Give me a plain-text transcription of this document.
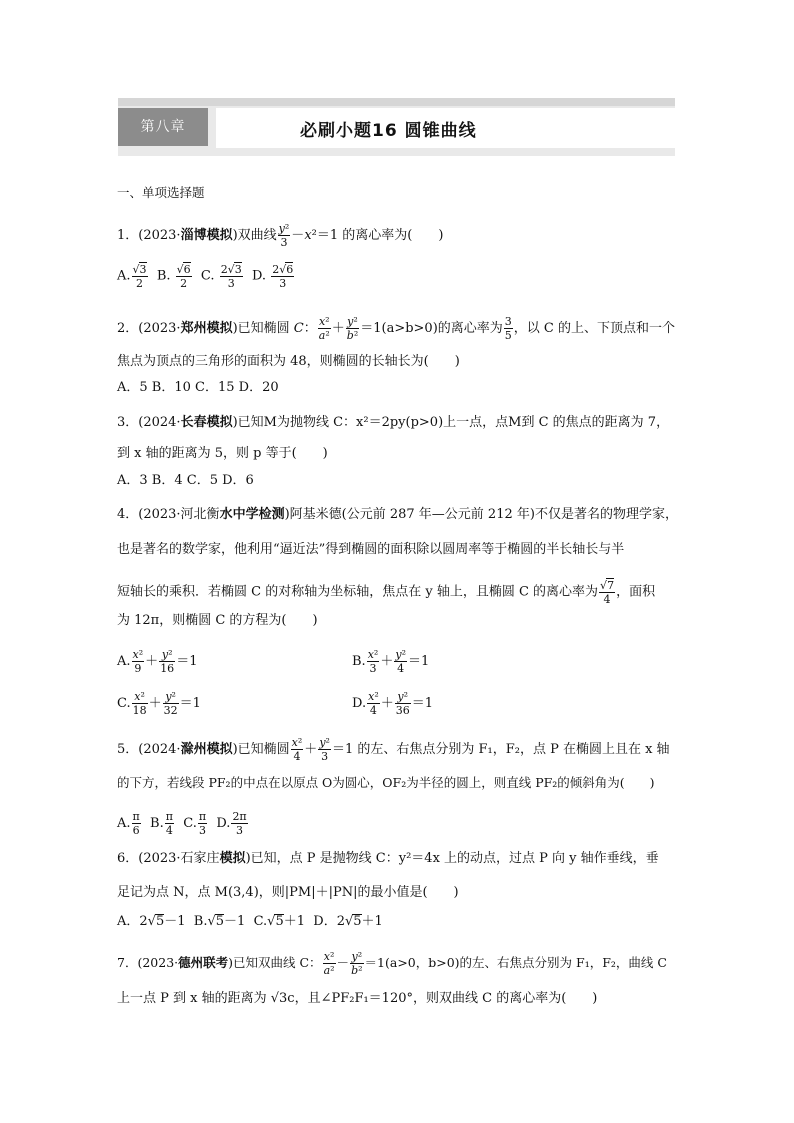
第八章	必刷小题16 圆锥曲线
一、单项选择题
1．(2023·淄博模拟)双曲线 $\frac{\text{y²}}{3} -x^2=1$ 的离心率为(　　)
A. $\frac{√3}{2} B$. $\frac{√6}{2} C$. $\frac{2√3}{3} D$. $\frac{2√6}{3}$
2．(2023·郑州模拟)已知椭圆 C： $\frac{\text{x²}}{\text{a²}} + \frac{\text{y²}}{\text{b²}} =1(a>b>0)$的离心率为 $\frac{3}{5}$ ，以 C 的上、下顶点和一个
焦点为顶点的三角形的面积为 48，则椭圆的长轴长为(　　)
A．5 B．10 C．15 D．20
3．(2024·长春模拟)已知M为抛物线 C：x²＝2py(p>0)上一点，点M到 C 的焦点的距离为 7，
到 x 轴的距离为 5，则 p 等于(　　)
A．3 B．4 C．5 D．6
4．(2023·河北衡水中学检测)阿基米德(公元前 287 年—公元前 212 年)不仅是著名的物理学家，
也是著名的数学家，他利用“逼近法”得到椭圆的面积除以圆周率等于椭圆的半长轴长与半
短轴长的乘积．若椭圆 C 的对称轴为坐标轴，焦点在 y 轴上，且椭圆 C 的离心率为 $\frac{√7}{4}$ ，面积
为 12π，则椭圆 C 的方程为(　　)
A. $\frac{\text{x²}}{9} + \frac{\text{y²}}{16} =1$	B. $\frac{\text{x²}}{3} + \frac{\text{y²}}{4} =1$
C. $\frac{\text{x²}}{18} + \frac{\text{y²}}{32} =1$	D. $\frac{\text{x²}}{4} + \frac{\text{y²}}{36} =1$
5．(2024·滁州模拟)已知椭圆 $\frac{\text{x²}}{4} + \frac{\text{y²}}{3} =1$ 的左、右焦点分别为 F₁，F₂，点 P 在椭圆上且在 x 轴
的下方，若线段 PF₂的中点在以原点 O为圆心，OF₂为半径的圆上，则直线 PF₂的倾斜角为(　　)
A. $\frac{\pi}{6} B$. $\frac{\pi}{4} C$. $\frac{\pi}{3} D$. $\frac{2\pi}{3}$
6．(2023·石家庄模拟)已知，点 P 是抛物线 C：y²＝4x 上的动点，过点 P 向 y 轴作垂线，垂
足记为点 N，点 M(3,4)，则|PM|＋|PN|的最小值是(　　)
A．2√5－1  B.√5－1  C.√5＋1  D．2√5＋1
7．(2023·德州联考)已知双曲线 C： $\frac{\text{x²}}{\text{a²}} - \frac{\text{y²}}{\text{b²}} =1(a>0$，b>0)的左、右焦点分别为 F₁，F₂，曲线 C
上一点 P 到 x 轴的距离为 √3c，且∠PF₂F₁＝120°，则双曲线 C 的离心率为(　　)
